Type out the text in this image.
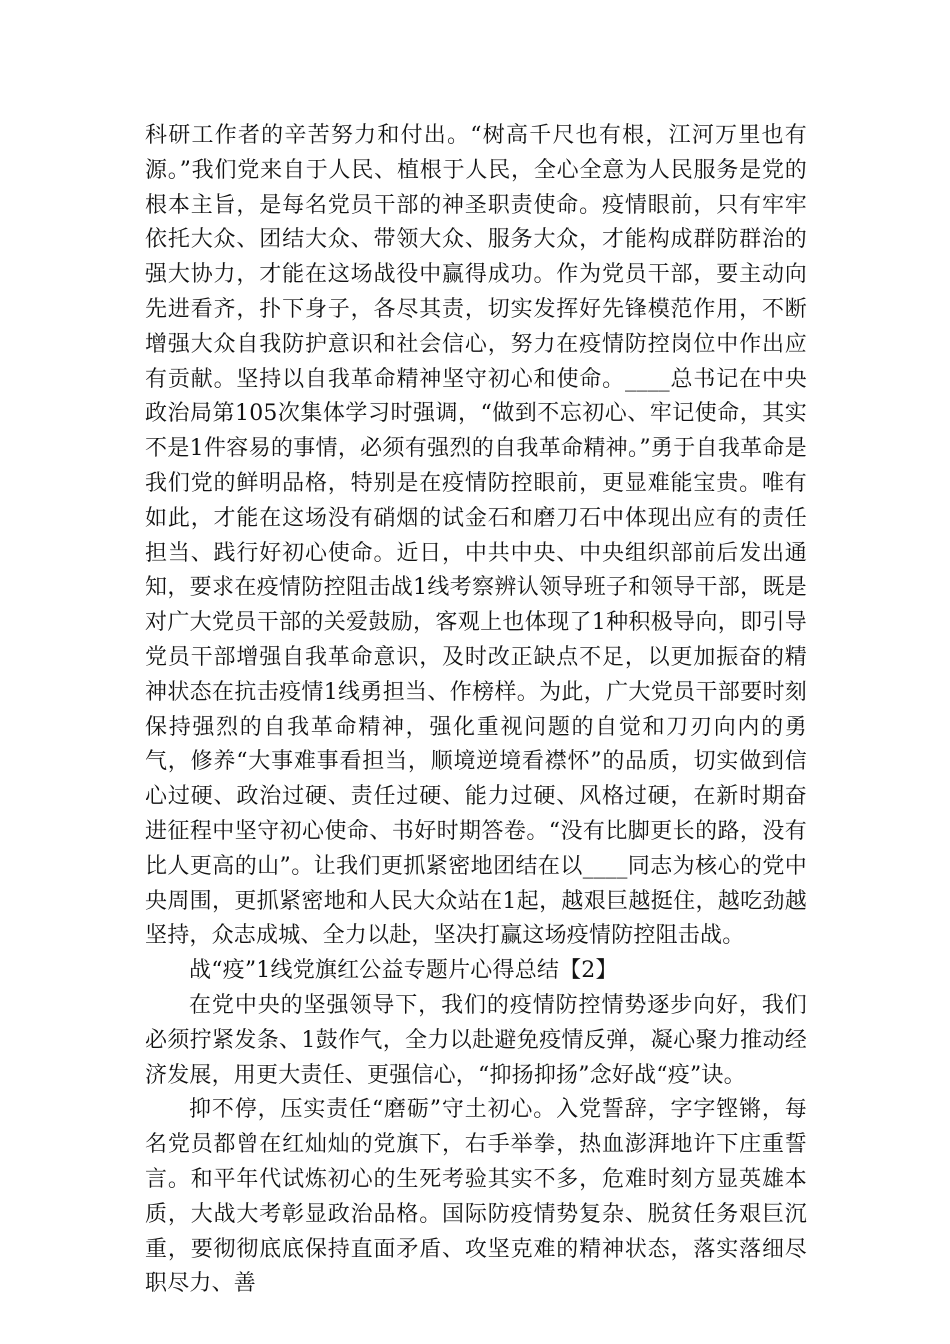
科研工作者的辛苦努力和付出。“树高千尺也有根，江河万里也有源。”我们党来自于人民、植根于人民，全心全意为人民服务是党的根本主旨，是每名党员干部的神圣职责使命。疫情眼前，只有牢牢依托大众、团结大众、带领大众、服务大众，才能构成群防群治的强大协力，才能在这场战役中赢得成功。作为党员干部，要主动向先进看齐，扑下身子，各尽其责，切实发挥好先锋模范作用，不断增强大众自我防护意识和社会信心，努力在疫情防控岗位中作出应有贡献。坚持以自我革命精神坚守初心和使命。____总书记在中央政治局第105次集体学习时强调，“做到不忘初心、牢记使命，其实不是1件容易的事情，必须有强烈的自我革命精神。”勇于自我革命是我们党的鲜明品格，特别是在疫情防控眼前，更显难能宝贵。唯有如此，才能在这场没有硝烟的试金石和磨刀石中体现出应有的责任担当、践行好初心使命。近日，中共中央、中央组织部前后发出通知，要求在疫情防控阻击战1线考察辨认领导班子和领导干部，既是对广大党员干部的关爱鼓励，客观上也体现了1种积极导向，即引导党员干部增强自我革命意识，及时改正缺点不足，以更加振奋的精神状态在抗击疫情1线勇担当、作榜样。为此，广大党员干部要时刻保持强烈的自我革命精神，强化重视问题的自觉和刀刃向内的勇气，修养“大事难事看担当，顺境逆境看襟怀”的品质，切实做到信心过硬、政治过硬、责任过硬、能力过硬、风格过硬，在新时期奋进征程中坚守初心使命、书好时期答卷。“没有比脚更长的路，没有比人更高的山”。让我们更抓紧密地团结在以____同志为核心的党中央周围，更抓紧密地和人民大众站在1起，越艰巨越挺住，越吃劲越坚持，众志成城、全力以赴，坚决打赢这场疫情防控阻击战。

战“疫”1线党旗红公益专题片心得总结【2】

在党中央的坚强领导下，我们的疫情防控情势逐步向好，我们必须拧紧发条、1鼓作气，全力以赴避免疫情反弹，凝心聚力推动经济发展，用更大责任、更强信心，“抑扬抑扬”念好战“疫”诀。

抑不停，压实责任“磨砺”守土初心。入党誓辞，字字铿锵，每名党员都曾在红灿灿的党旗下，右手举拳，热血澎湃地许下庄重誓言。和平年代试炼初心的生死考验其实不多，危难时刻方显英雄本质，大战大考彰显政治品格。国际防疫情势复杂、脱贫任务艰巨沉重，要彻彻底底保持直面矛盾、攻坚克难的精神状态，落实落细尽职尽力、善
